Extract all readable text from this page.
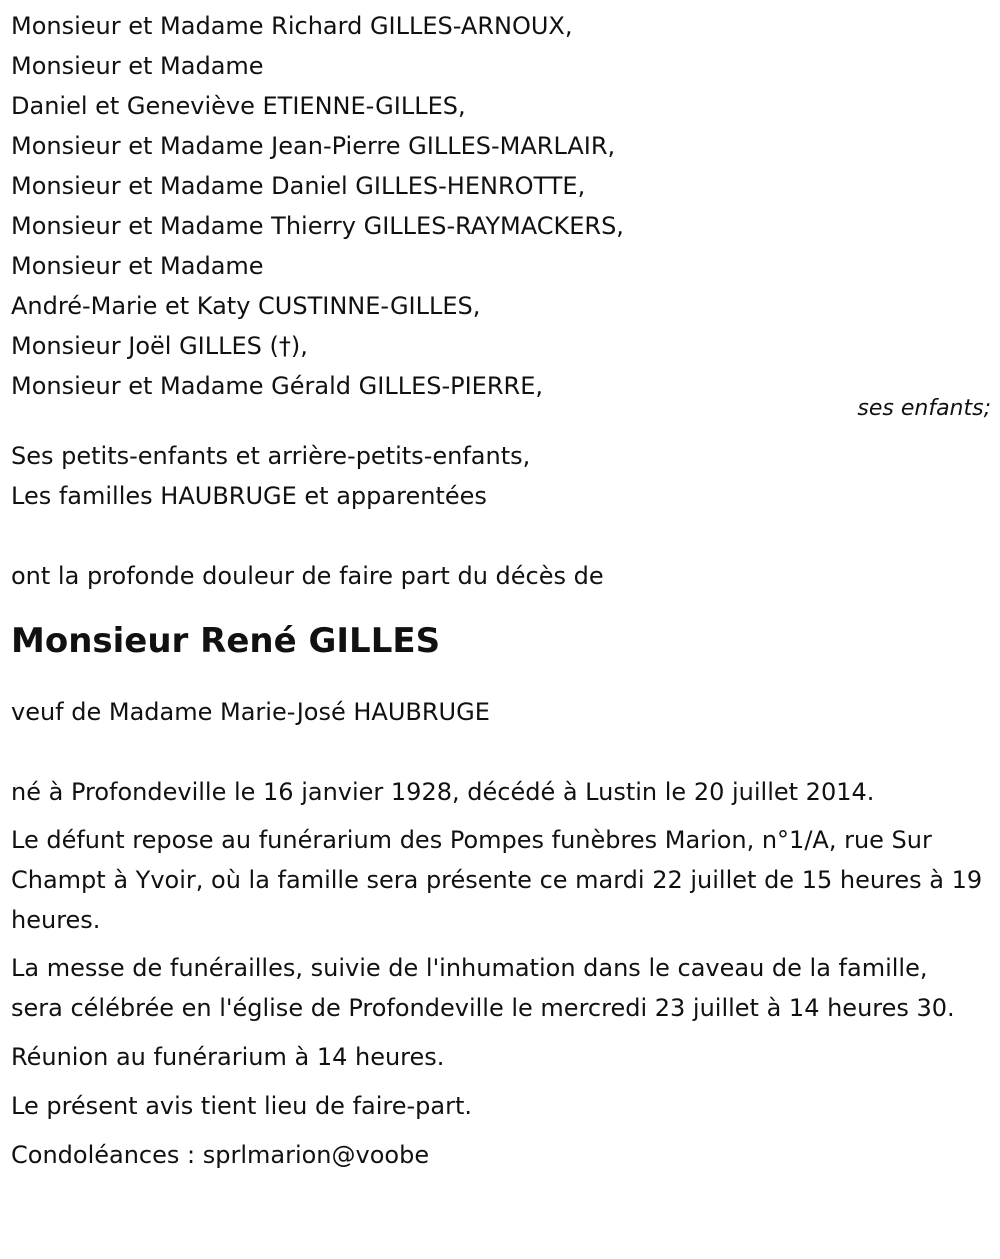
Monsieur et Madame Richard GILLES-ARNOUX,
Monsieur et Madame
Daniel et Geneviève ETIENNE-GILLES,
Monsieur et Madame Jean-Pierre GILLES-MARLAIR,
Monsieur et Madame Daniel GILLES-HENROTTE,
Monsieur et Madame Thierry GILLES-RAYMACKERS,
Monsieur et Madame
André-Marie et Katy CUSTINNE-GILLES,
Monsieur Joël GILLES (†),
Monsieur et Madame Gérald GILLES-PIERRE,
ses enfants;
Ses petits-enfants et arrière-petits-enfants,
Les familles HAUBRUGE et apparentées
ont la profonde douleur de faire part du décès de
Monsieur René GILLES
veuf de Madame Marie-José HAUBRUGE
né à Profondeville le 16 janvier 1928, décédé à Lustin le 20 juillet 2014.
Le défunt repose au funérarium des Pompes funèbres Marion, n°1/A, rue Sur Champt à Yvoir, où la famille sera présente ce mardi 22 juillet de 15 heures à 19 heures.
La messe de funérailles, suivie de l'inhumation dans le caveau de la famille, sera célébrée en l'église de Profondeville le mercredi 23 juillet à 14 heures 30.
Réunion au funérarium à 14 heures.
Le présent avis tient lieu de faire-part.
Condoléances : sprlmarion@voobe
